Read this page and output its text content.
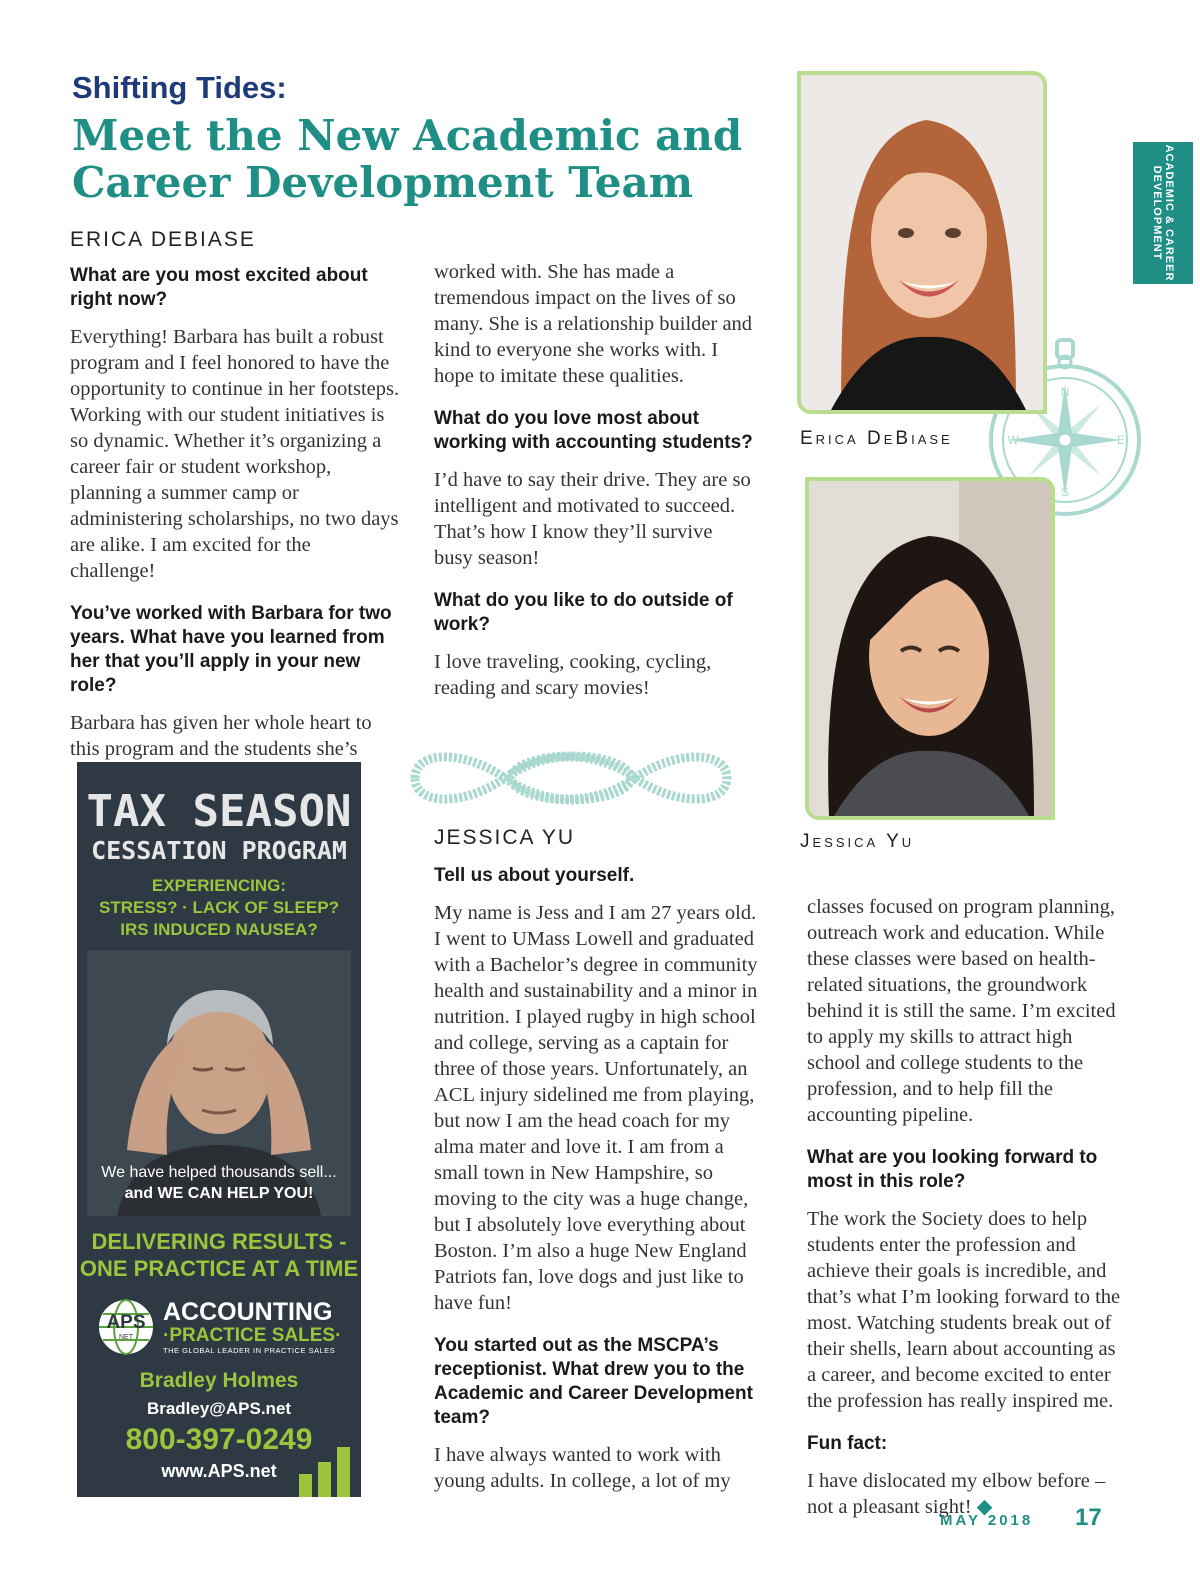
Shifting Tides:
Meet the New Academic and
Career Development Team	ACADEMIC & CAREER
DEVELOPMENT
ERICA DEBIASE

What are you most excited about right now?

Everything! Barbara has built a robust program and I feel honored to have the opportunity to continue in her footsteps. Working with our student initiatives is so dynamic. Whether it’s organizing a career fair or student workshop, planning a summer camp or administering scholarships, no two days are alike. I am excited for the challenge!

You’ve worked with Barbara for two years. What have you learned from her that you’ll apply in your new role?

Barbara has given her whole heart to this program and the students she’s

worked with. She has made a tremendous impact on the lives of so many. She is a relationship builder and kind to everyone she works with. I hope to imitate these qualities.

What do you love most about working with accounting students?

I’d have to say their drive. They are so intelligent and motivated to succeed. That’s how I know they’ll survive busy season!

What do you like to do outside of work?

I love traveling, cooking, cycling, reading and scary movies!

N
S
E
W
Erica DeBiase
Jessica Yu
JESSICA YU

Tell us about yourself.

My name is Jess and I am 27 years old. I went to UMass Lowell and graduated with a Bachelor’s degree in community health and sustainability and a minor in nutrition. I played rugby in high school and college, serving as a captain for three of those years. Unfortunately, an ACL injury sidelined me from playing, but now I am the head coach for my alma mater and love it. I am from a small town in New Hampshire, so moving to the city was a huge change, but I absolutely love everything about Boston. I’m also a huge New England Patriots fan, love dogs and just like to have fun!

You started out as the MSCPA’s receptionist. What drew you to the Academic and Career Development team?

I have always wanted to work with young adults. In college, a lot of my

classes focused on program planning, outreach work and education. While these classes were based on health-related situations, the groundwork behind it is still the same. I’m excited to apply my skills to attract high school and college students to the profession, and to help fill the accounting pipeline.

What are you looking forward to most in this role?

The work the Society does to help students enter the profession and achieve their goals is incredible, and that’s what I’m looking forward to the most. Watching students break out of their shells, learn about accounting as a career, and become excited to enter the profession has really inspired me.

Fun fact:

I have dislocated my elbow before – not a pleasant sight! ◆

TAX SEASON
CESSATION PROGRAM
EXPERIENCING:
STRESS? · LACK OF SLEEP?
IRS INDUCED NAUSEA?
We have helped thousands sell...
and WE CAN HELP YOU!
DELIVERING RESULTS -
ONE PRACTICE AT A TIME
APS
NET
ACCOUNTING
·PRACTICE SALES·
THE GLOBAL LEADER IN PRACTICE SALES
Bradley Holmes
Bradley@APS.net
800-397-0249
www.APS.net
MAY 2018 17
